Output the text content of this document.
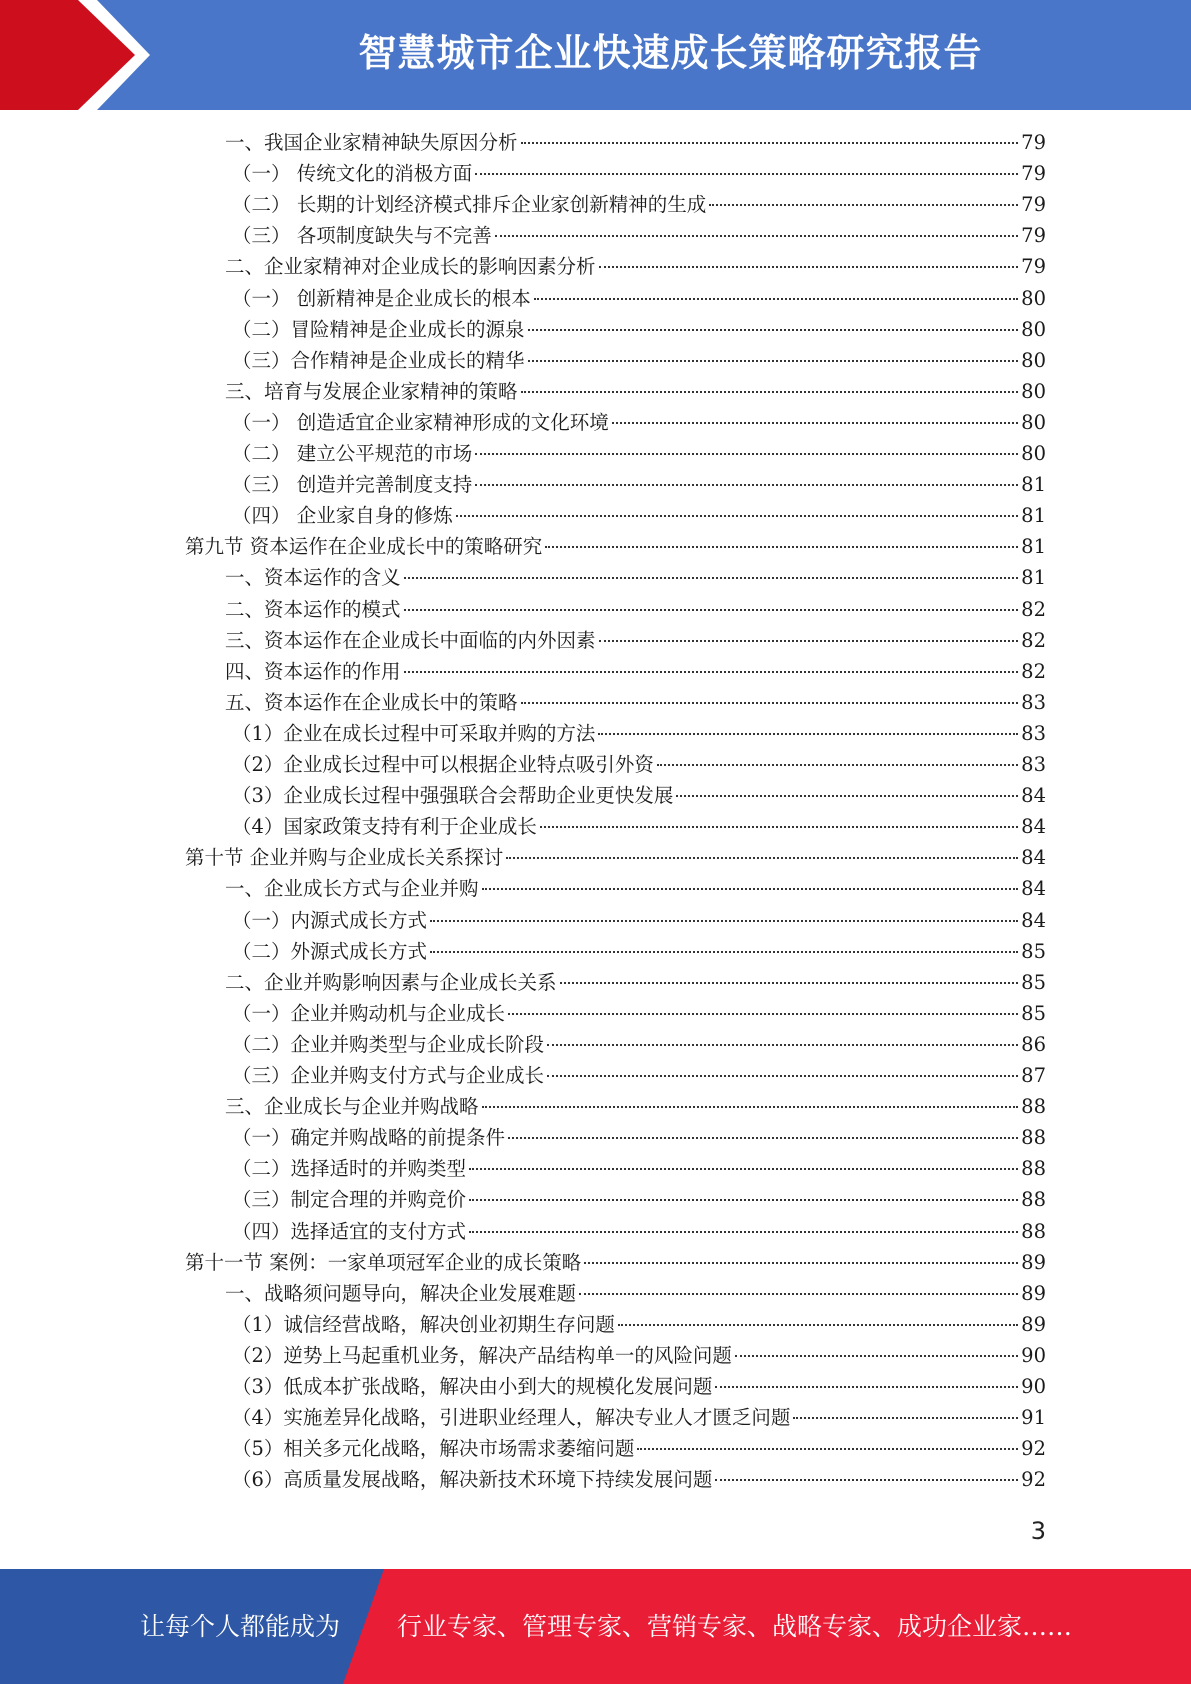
智慧城市企业快速成长策略研究报告
一、我国企业家精神缺失原因分析	79
（一） 传统文化的消极方面	79
（二） 长期的计划经济模式排斥企业家创新精神的生成	79
（三） 各项制度缺失与不完善	79
二、企业家精神对企业成长的影响因素分析	79
（一） 创新精神是企业成长的根本	80
（二）冒险精神是企业成长的源泉	80
（三）合作精神是企业成长的精华	80
三、培育与发展企业家精神的策略	80
（一） 创造适宜企业家精神形成的文化环境	80
（二） 建立公平规范的市场	80
（三） 创造并完善制度支持	81
（四） 企业家自身的修炼	81
第九节 资本运作在企业成长中的策略研究	81
一、资本运作的含义	81
二、资本运作的模式	82
三、资本运作在企业成长中面临的内外因素	82
四、资本运作的作用	82
五、资本运作在企业成长中的策略	83
（1）企业在成长过程中可采取并购的方法	83
（2）企业成长过程中可以根据企业特点吸引外资	83
（3）企业成长过程中强强联合会帮助企业更快发展	84
（4）国家政策支持有利于企业成长	84
第十节 企业并购与企业成长关系探讨	84
一、企业成长方式与企业并购	84
（一）内源式成长方式	84
（二）外源式成长方式	85
二、企业并购影响因素与企业成长关系	85
（一）企业并购动机与企业成长	85
（二）企业并购类型与企业成长阶段	86
（三）企业并购支付方式与企业成长	87
三、企业成长与企业并购战略	88
（一）确定并购战略的前提条件	88
（二）选择适时的并购类型	88
（三）制定合理的并购竞价	88
（四）选择适宜的支付方式	88
第十一节 案例：一家单项冠军企业的成长策略	89
一、战略须问题导向，解决企业发展难题	89
（1）诚信经营战略，解决创业初期生存问题	89
（2）逆势上马起重机业务，解决产品结构单一的风险问题	90
（3）低成本扩张战略，解决由小到大的规模化发展问题	90
（4）实施差异化战略，引进职业经理人，解决专业人才匮乏问题	91
（5）相关多元化战略，解决市场需求萎缩问题	92
（6）高质量发展战略，解决新技术环境下持续发展问题	92
3
让每个人都能成为 行业专家、管理专家、营销专家、战略专家、成功企业家……
